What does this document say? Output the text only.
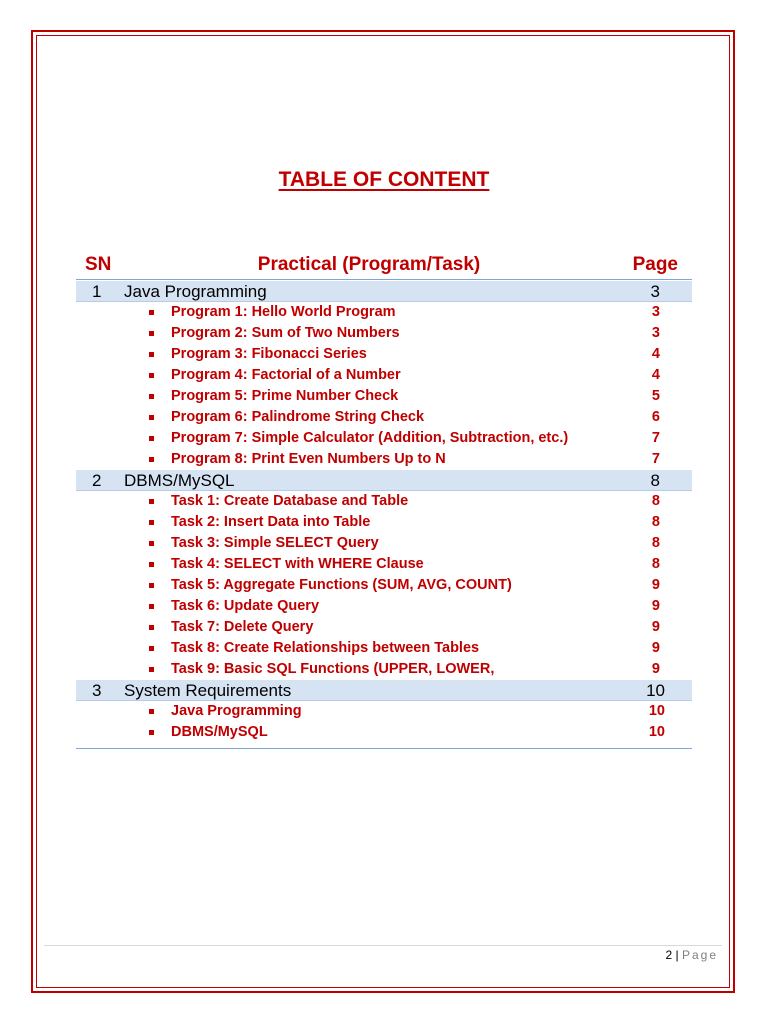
TABLE OF CONTENT
SN	Practical (Program/Task)	Page
1 Java Programming	3
Program 1: Hello World Program	3
Program 2: Sum of Two Numbers	3
Program 3: Fibonacci Series	4
Program 4: Factorial of a Number	4
Program 5: Prime Number Check	5
Program 6: Palindrome String Check	6
Program 7: Simple Calculator (Addition, Subtraction, etc.)	7
Program 8: Print Even Numbers Up to N	7
2 DBMS/MySQL	8
Task 1: Create Database and Table	8
Task 2: Insert Data into Table	8
Task 3: Simple SELECT Query	8
Task 4: SELECT with WHERE Clause	8
Task 5: Aggregate Functions (SUM, AVG, COUNT)	9
Task 6: Update Query	9
Task 7: Delete Query	9
Task 8: Create Relationships between Tables	9
Task 9: Basic SQL Functions (UPPER, LOWER,	9
3 System Requirements	10
Java Programming	10
DBMS/MySQL	10
2 | Page
